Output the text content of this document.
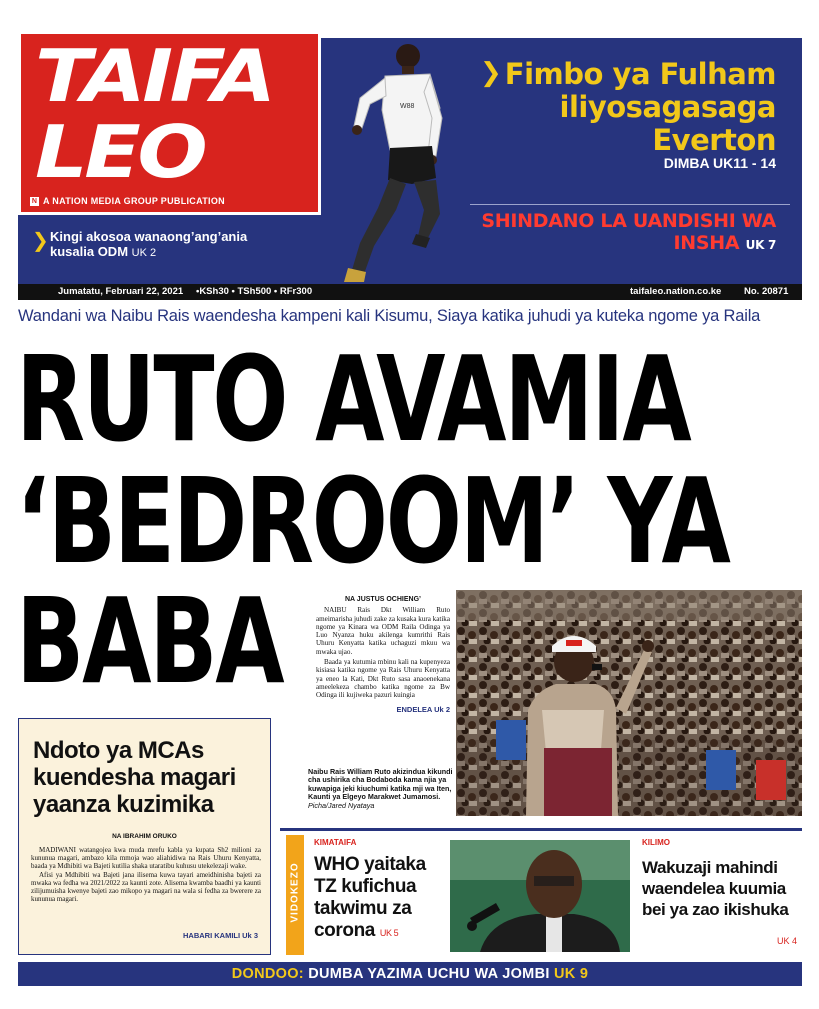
TAIFA
LEO
N A NATION MEDIA GROUP PUBLICATION
❯ Kingi akosoa wanaong’ang’ania kusalia ODM UK 2
W88
❯ Fimbo ya Fulham iliyosagasaga Everton
DIMBA UK11 - 14
SHINDANO LA UANDISHI WA INSHA UK 7
Jumatatu, Februari 22, 2021 •KSh30 • TSh500 • RFr300	taifaleo.nation.co.ke No. 20871
Wandani wa Naibu Rais waendesha kampeni kali Kisumu, Siaya katika juhudi ya kuteka ngome ya Raila
RUTO AVAMIA
‘BEDROOM’ YA
BABA	NA JUSTUS OCHIENG’

NAIBU Rais Dkt William Ruto ameimarisha juhudi zake za kusaka kura katika ngome ya Kinara wa ODM Raila Odinga ya Luo Nyanza huku akilenga kumrithi Rais Uhuru Kenyatta katika uchaguzi mkuu wa mwaka ujao.

Baada ya kutumia mbinu kali na kupenyeza kisiasa katika ngome ya Rais Uhuru Kenyatta ya eneo la Kati, Dkt Ruto sasa anaoenekana ameelekeza chambo katika ngome za Bw Odinga ili kujiweka pazuri kuingia

ENDELEA Uk 2
Naibu Rais William Ruto akizindua kikundi cha ushirika cha Bodaboda kama njia ya kuwapiga jeki kiuchumi katika mji wa Iten, Kaunti ya Elgeyo Marakwet Jumamosi. Picha/Jared Nyataya
Ndoto ya MCAs kuendesha magari yaanza kuzimika
NA IBRAHIM ORUKO

MADIWANI watangojea kwa muda mrefu kabla ya kupata Sh2 milioni za kununua magari, ambazo kila mmoja wao aliahidiwa na Rais Uhuru Kenyatta, baada ya Mdhibiti wa Bajeti kutilia shaka utaratibu kuhusu utekelezaji wake.

Afisi ya Mdhibiti wa Bajeti jana ilisema kuwa tayari ameidhinisha bajeti za mwaka wa fedha wa 2021/2022 za kaunti zote. Alisema kwamba baadhi ya kaunti zilijumuisha kwenye bajeti zao mikopo ya magari na wala si fedha za bwerere za kununua magari.

HABARI KAMILI Uk 3
VIDOKEZO
KIMATAIFA
WHO yaitaka TZ kufichua takwimu za corona UK 5
KILIMO
Wakuzaji mahindi waendelea kuumia bei ya zao ikishuka
UK 4
DONDOO: DUMBA YAZIMA UCHU WA JOMBI UK 9
